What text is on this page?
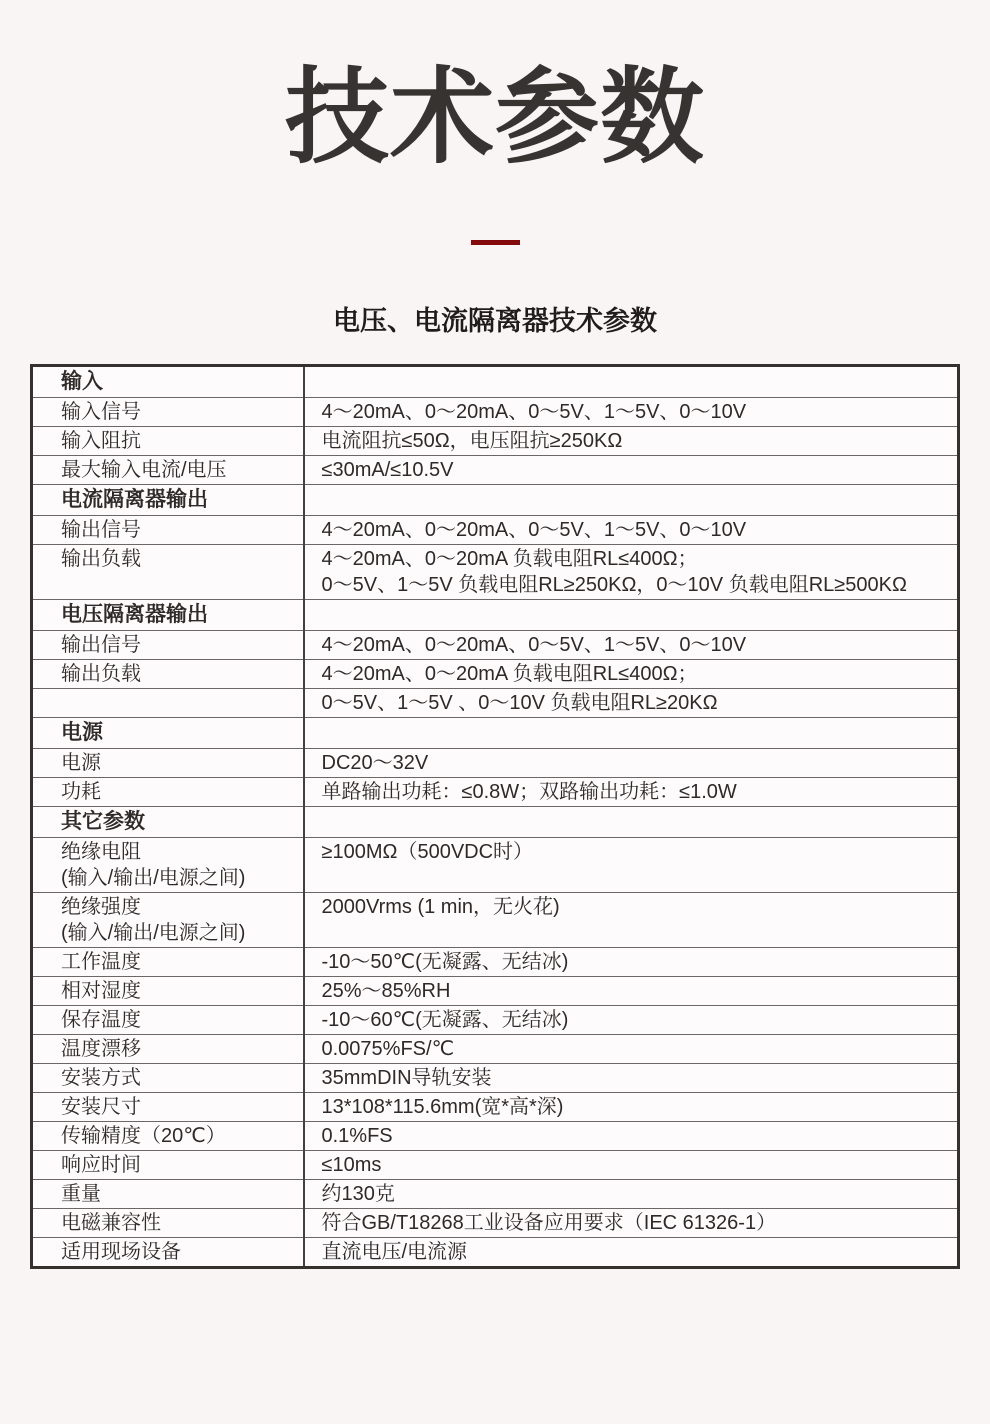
技术参数
电压、电流隔离器技术参数
输入	

输入信号	4～20mA、0～20mA、0～5V、1～5V、0～10V

输入阻抗	电流阻抗≤50Ω，电压阻抗≥250KΩ

最大输入电流/电压	≤30mA/≤10.5V

电流隔离器输出	

输出信号	4～20mA、0～20mA、0～5V、1～5V、0～10V

输出负载	4～20mA、0～20mA 负载电阻RL≤400Ω；
0～5V、1～5V 负载电阻RL≥250KΩ，0～10V 负载电阻RL≥500KΩ

电压隔离器输出	

输出信号	4～20mA、0～20mA、0～5V、1～5V、0～10V

输出负载	4～20mA、0～20mA 负载电阻RL≤400Ω；

	0～5V、1～5V 、0～10V 负载电阻RL≥20KΩ

电源	

电源	DC20～32V

功耗	单路输出功耗：≤0.8W；双路输出功耗：≤1.0W

其它参数	

绝缘电阻
(输入/输出/电源之间)	≥100MΩ（500VDC时）

绝缘强度
(输入/输出/电源之间)	2000Vrms (1 min，无火花)

工作温度	-10～50℃(无凝露、无结冰)

相对湿度	25%～85%RH

保存温度	-10～60℃(无凝露、无结冰)

温度漂移	0.0075%FS/℃

安装方式	35mmDIN导轨安装

安装尺寸	13*108*115.6mm(宽*高*深)

传输精度（20℃）	0.1%FS

响应时间	≤10ms

重量	约130克

电磁兼容性	符合GB/T18268工业设备应用要求（IEC 61326-1）

适用现场设备	直流电压/电流源
